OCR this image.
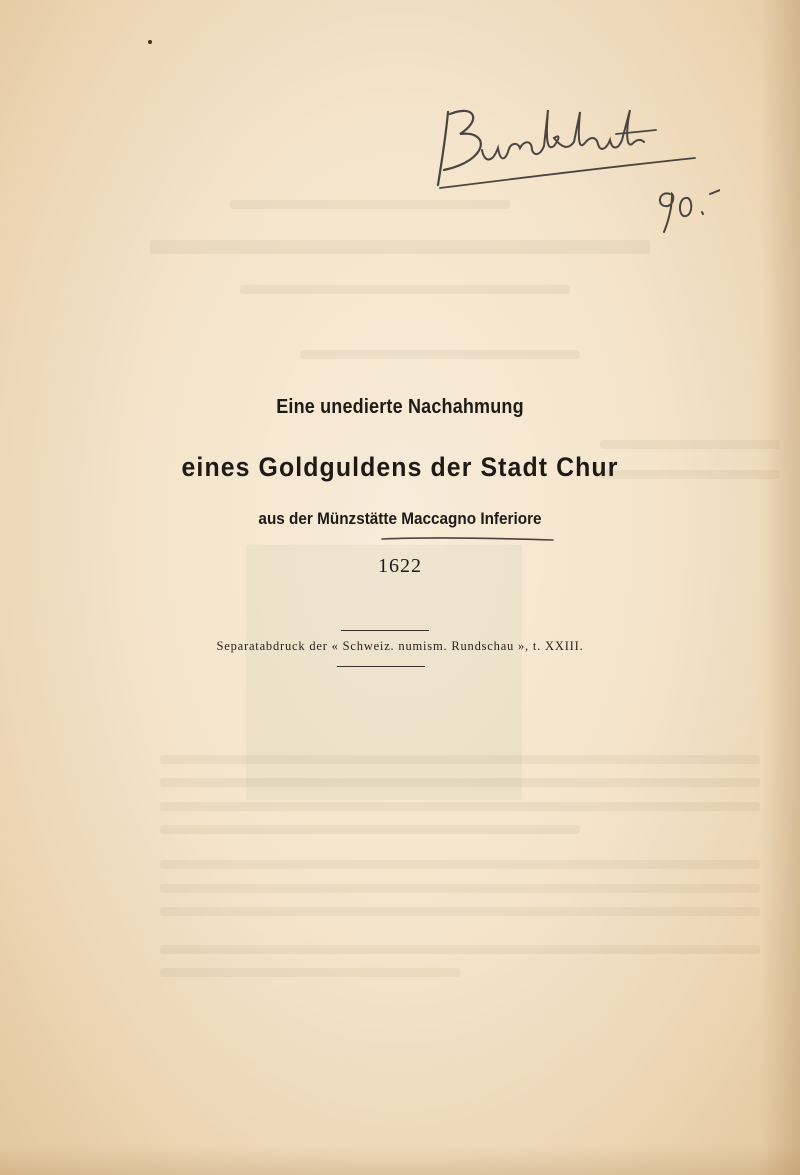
Eine unedierte Nachahmung
eines Goldguldens der Stadt Chur
aus der Münzstätte Maccagno Inferiore
1622
Separatabdruck der « Schweiz. numism. Rundschau », t. XXIII.
